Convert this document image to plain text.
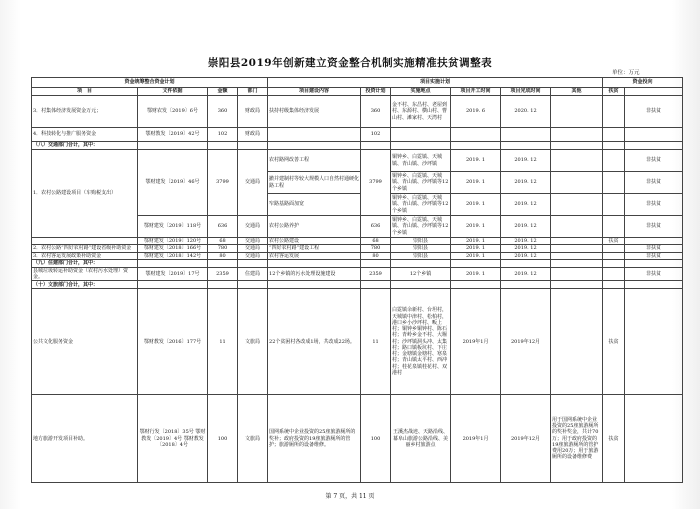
崇阳县2019年创新建立资金整合机制实施精准扶贫调整表
单位：万元
资金统筹整合资金计划				项目实施计划						资金投向	
项　目	文件依据	金额	部门	项目建设内容	投资计划	实施地点	项目开工时间	项目完成时间	其他	扶贫	
3．村集体经济发展资金万元；	鄂财农发〔2019〕6号	360	财政局	扶持村级集体经济发展	360	金不村、东昌村、老屋到村、东源村、横山村、曹山村、滩家村、天湾村	2019. 6	2020. 12			非扶贫
4．科技转化与推广服务资金	鄂财教发〔2019〕42号	102	财政局		102						
（八）交通部门合计，其中：											
1．农村公路建设项目（车购税支出）	鄂财建发〔2019〕46号	3799	交通局	农村路网改善工程	3799	铜钟乡、白霓镇、天城镇、青山镇、沙坪镇	2019. 1	2019. 12			非扶贫
				撤并建制村等较大规模人口自然村通硬化路工程		铜钟乡、白霓镇、天城镇、青山镇、沙坪镇等12个乡镇	2019. 1	2019. 12			非扶贫
				窄路基路面加宽		铜钟乡、白霓镇、天城镇、青山镇、沙坪镇等12个乡镇	2019. 1	2019. 12			非扶贫
	鄂财建发〔2019〕118号	636	交通局	农村公路养护	636	铜钟乡、白霓镇、天城镇、青山镇、沙坪镇等12个乡镇	2019. 1	2019. 12			非扶贫
	鄂财建发〔2019〕120号	68	交通局	农村公路建设	68	崇阳县	2019. 1	2019. 12		扶贫	
2．农村公路“四好农村路”建设省级补助资金	鄂财建发〔2018〕166号	780	交通局	“四好农村路”建设工程	780	崇阳县	2019. 1	2019. 12			非扶贫
3．农村客运发展政策补助资金	鄂财建发〔2018〕142号	80	交通局	农村客运发展	80	崇阳县	2019. 1	2019. 12			非扶贫
（九）住建部门合计，其中：											
县城垃圾转运补助资金（农村污水处理）资金。	鄂财建发〔2019〕17号	2359	住建局	12个乡镇的污水处理设施建设	2359	12个乡镇	2019. 1	2019. 12			非扶贫
（十）文旅部门合计，其中：											
公共文化服务资金	鄂财教发〔2016〕177号	11	文旅局	22个贫困村各改成1场，共改成22场。	11	白霓镇余新村、台坦村，天城镇中津村、松柏村，港口乡小沙坪村、畈上村；铜钟乡铜钟村、陈石村；青岭乡金不村、大堰村；沙坪镇洞头冲、太集村；路口镇板坑村、下庄村；金塘镇金塘村、寒泉村；青山镇太平村、西冲村；桂花泉镇桂花村、双港村	2019年1月	2019年12月		扶贫	
地方旅游开发项目补助。	鄂财行发〔2018〕35号 鄂财教发〔2019〕4号 鄂财教发〔2018〕4号	100	文旅局	国网系统中企业投资的25座旅游厕所的奖补；政府投资的19座旅游厕所的管护；旅游厕所的设备维修。	100	王溪杰战迹、天路沿线、幕阜山旅游公路沿线、美丽乡村旅游点	2019年1月	2019年12月	用于国网系统中企业投资的25座旅游厕所的奖补奖金，共计70万；用于政府投资的19座旅游厕所的管护费用20万；用于旅游厕所的设备维修费	扶贫	
第 7 页，共 11 页
